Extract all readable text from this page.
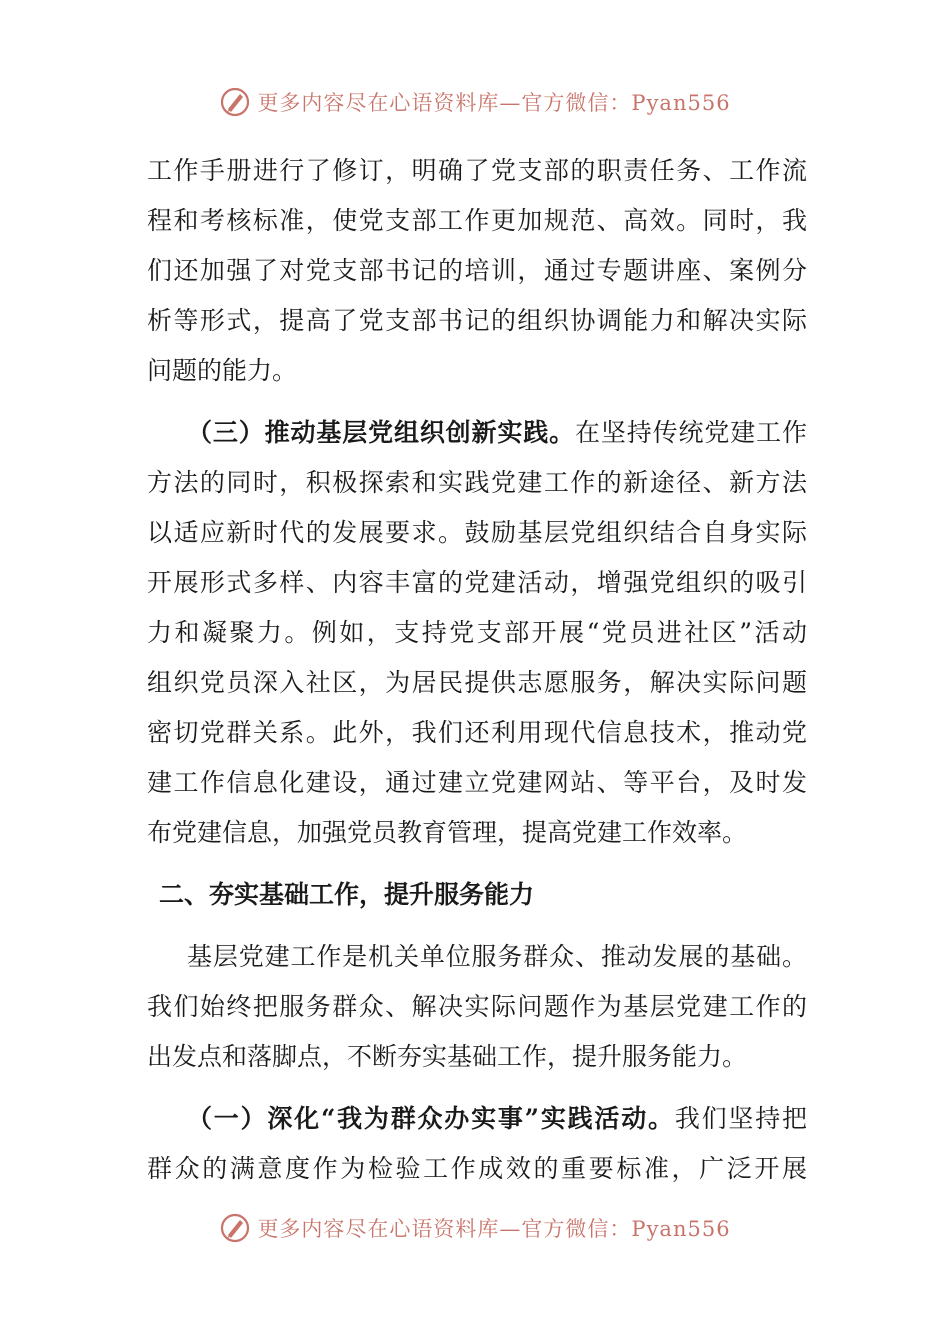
更多内容尽在心语资料库—官方微信：Pyan556
工作手册进行了修订，明确了党支部的职责任务、工作流
程和考核标准，使党支部工作更加规范、高效。同时，我
们还加强了对党支部书记的培训，通过专题讲座、案例分
析等形式，提高了党支部书记的组织协调能力和解决实际
问题的能力。
（三）推动基层党组织创新实践。在坚持传统党建工作
方法的同时，积极探索和实践党建工作的新途径、新方法
以适应新时代的发展要求。鼓励基层党组织结合自身实际
开展形式多样、内容丰富的党建活动，增强党组织的吸引
力和凝聚力。例如，支持党支部开展“党员进社区”活动
组织党员深入社区，为居民提供志愿服务，解决实际问题
密切党群关系。此外，我们还利用现代信息技术，推动党
建工作信息化建设，通过建立党建网站、等平台，及时发
布党建信息，加强党员教育管理，提高党建工作效率。
二、夯实基础工作，提升服务能力
基层党建工作是机关单位服务群众、推动发展的基础。
我们始终把服务群众、解决实际问题作为基层党建工作的
出发点和落脚点，不断夯实基础工作，提升服务能力。
（一）深化“我为群众办实事”实践活动。我们坚持把
群众的满意度作为检验工作成效的重要标准，广泛开展
更多内容尽在心语资料库—官方微信：Pyan556
